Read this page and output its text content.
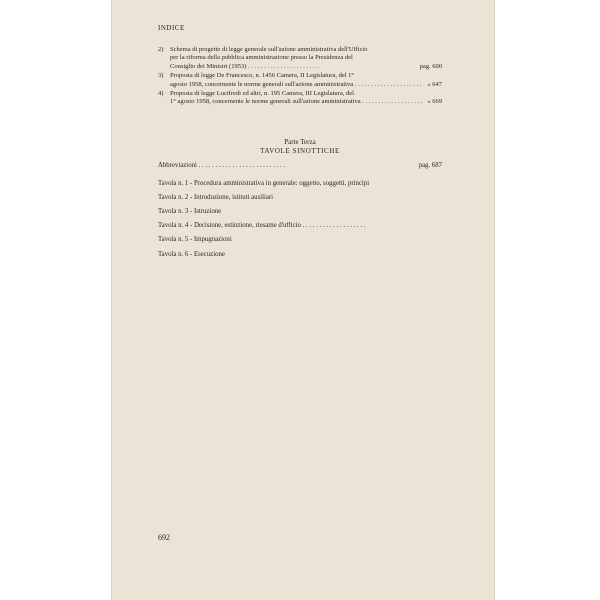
INDICE
2) Schema di progetto di legge generale sull'azione amministrativa dell'Ufficio
per la riforma della pubblica amministrazione presso la Presidenza del
Consiglio dei Ministri (1953) . .	pag. 600
3) Proposta di legge De Francesco, n. 1456 Camera, II Legislatura, del 1°
agosto 1958, concernente le norme generali sull'azione amministrativa . .	» 647
4) Proposta di legge Lucifredi ed altri, n. 195 Camera, III Legislatura, del
1° agosto 1958, concernente le norme generali sull'azione amministrativa . .	» 669
Parte Terza
TAVOLE SINOTTICHE
Abbreviazioni . .	pag. 687
Tavola n. 1 - Procedura amministrativa in generale: oggetto, soggetti, principi
Tavola n. 2 - Introduzione, istituti ausiliari
Tavola n. 3 - Istruzione
Tavola n. 4 - Decisione, estinzione, riesame d'ufficio . .
Tavola n. 5 - Impugnazioni
Tavola n. 6 - Esecuzione
692
